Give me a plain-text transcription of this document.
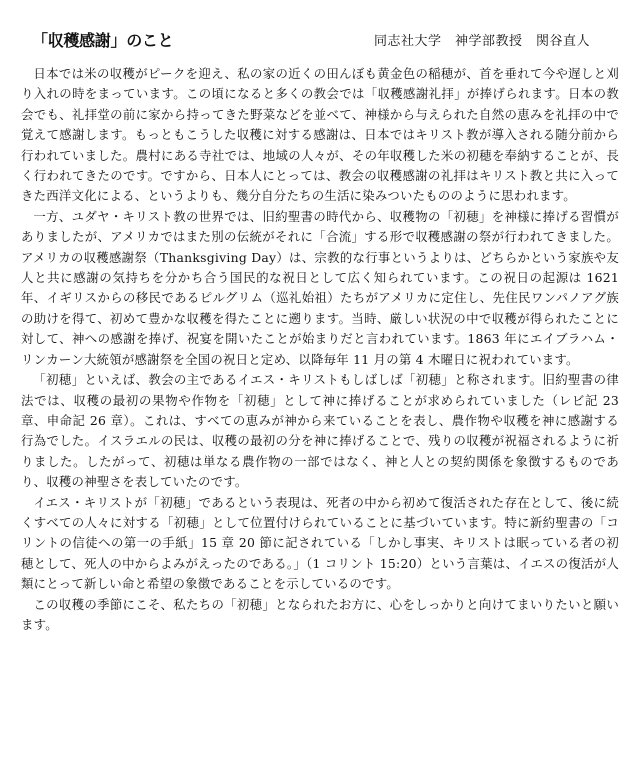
「収穫感謝」のこと	同志社大学　神学部教授　関谷直人

日本では米の収穫がピークを迎え、私の家の近くの田んぼも黄金色の稲穂が、首を垂れて今や遅しと刈り入れの時をまっています。この頃になると多くの教会では「収穫感謝礼拝」が捧げられます。日本の教会でも、礼拝堂の前に家から持ってきた野菜などを並べて、神様から与えられた自然の恵みを礼拝の中で覚えて感謝します。もっともこうした収穫に対する感謝は、日本ではキリスト教が導入される随分前から行われていました。農村にある寺社では、地域の人々が、その年収穫した米の初穂を奉納することが、長く行われてきたのです。ですから、日本人にとっては、教会の収穫感謝の礼拝はキリスト教と共に入ってきた西洋文化による、というよりも、幾分自分たちの生活に染みついたもののように思われます。

一方、ユダヤ・キリスト教の世界では、旧約聖書の時代から、収穫物の「初穂」を神様に捧げる習慣がありましたが、アメリカではまた別の伝統がそれに「合流」する形で収穫感謝の祭が行われてきました。アメリカの収穫感謝祭（Thanksgiving Day）は、宗教的な行事というよりは、どちらかという家族や友人と共に感謝の気持ちを分かち合う国民的な祝日として広く知られています。この祝日の起源は 1621 年、イギリスからの移民であるピルグリム（巡礼始祖）たちがアメリカに定住し、先住民ワンパノアグ族の助けを得て、初めて豊かな収穫を得たことに遡ります。当時、厳しい状況の中で収穫が得られたことに対して、神への感謝を捧げ、祝宴を開いたことが始まりだと言われています。1863 年にエイブラハム・リンカーン大統領が感謝祭を全国の祝日と定め、以降毎年 11 月の第 4 木曜日に祝われています。

「初穂」といえば、教会の主であるイエス・キリストもしばしば「初穂」と称されます。旧約聖書の律法では、収穫の最初の果物や作物を「初穂」として神に捧げることが求められていました（レビ記 23 章、申命記 26 章）。これは、すべての恵みが神から来ていることを表し、農作物や収穫を神に感謝する行為でした。イスラエルの民は、収穫の最初の分を神に捧げることで、残りの収穫が祝福されるように祈りました。したがって、初穂は単なる農作物の一部ではなく、神と人との契約関係を象徴するものであり、収穫の神聖さを表していたのです。

イエス・キリストが「初穂」であるという表現は、死者の中から初めて復活された存在として、後に続くすべての人々に対する「初穂」として位置付けられていることに基づいています。特に新約聖書の「コリントの信徒への第一の手紙」15 章 20 節に記されている「しかし事実、キリストは眠っている者の初穂として、死人の中からよみがえったのである。」（1 コリント 15:20）という言葉は、イエスの復活が人類にとって新しい命と希望の象徴であることを示しているのです。

この収穫の季節にこそ、私たちの「初穂」となられたお方に、心をしっかりと向けてまいりたいと願います。
